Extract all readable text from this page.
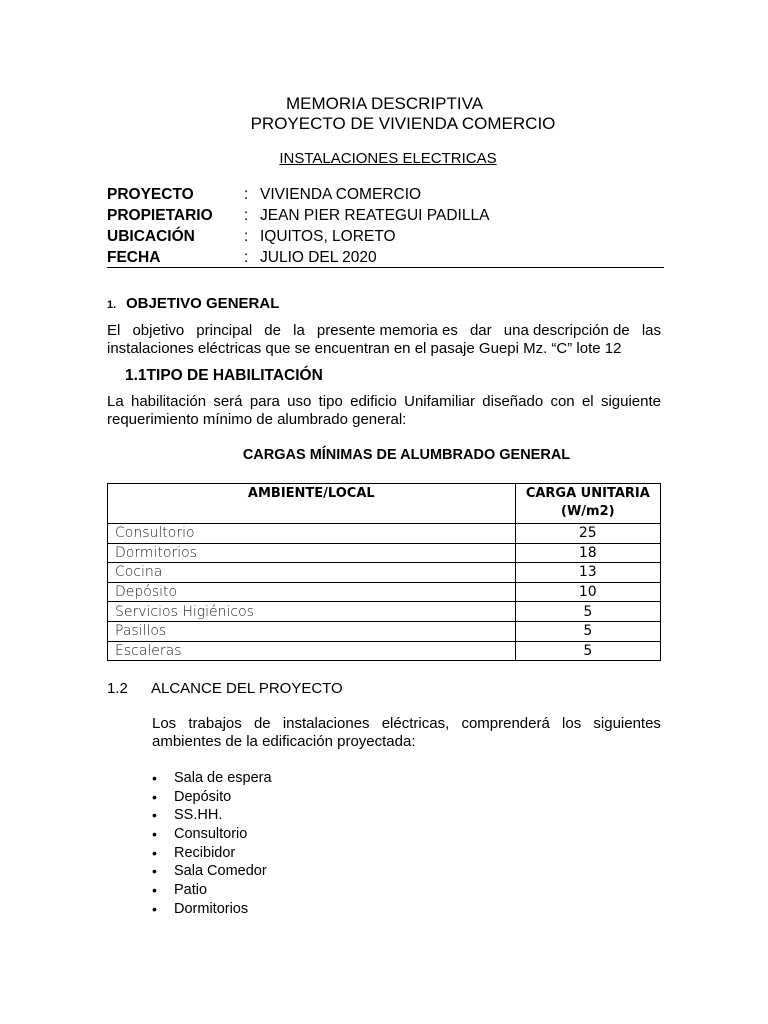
MEMORIA DESCRIPTIVA
PROYECTO DE VIVIENDA COMERCIO
INSTALACIONES ELECTRICAS
PROYECTO	: VIVIENDA COMERCIO
PROPIETARIO	: JEAN PIER REATEGUI PADILLA
UBICACIÓN	: IQUITOS, LORETO
FECHA	: JULIO DEL 2020
1. OBJETIVO GENERAL
El objetivo principal de la presente memoria es dar una descripción de las
instalaciones eléctricas que se encuentran en el pasaje Guepi Mz. “C” lote 12
1.1TIPO DE HABILITACIÓN
La habilitación será para uso tipo edificio Unifamiliar diseñado con el siguiente
requerimiento mínimo de alumbrado general:
CARGAS MÍNIMAS DE ALUMBRADO GENERAL
AMBIENTE/LOCAL	CARGA UNITARIA
(W/m2)

Consultorio	25
Dormitorios	18
Cocina	13
Depósito	10
Servicios Higiénicos	5
Pasillos	5
Escaleras	5
1.2 ALCANCE DEL PROYECTO
Los trabajos de instalaciones eléctricas, comprenderá los siguientes
ambientes de la edificación proyectada:
•	Sala de espera
•	Depósito
•	SS.HH.
•	Consultorio
•	Recibidor
•	Sala Comedor
•	Patio
•	Dormitorios
